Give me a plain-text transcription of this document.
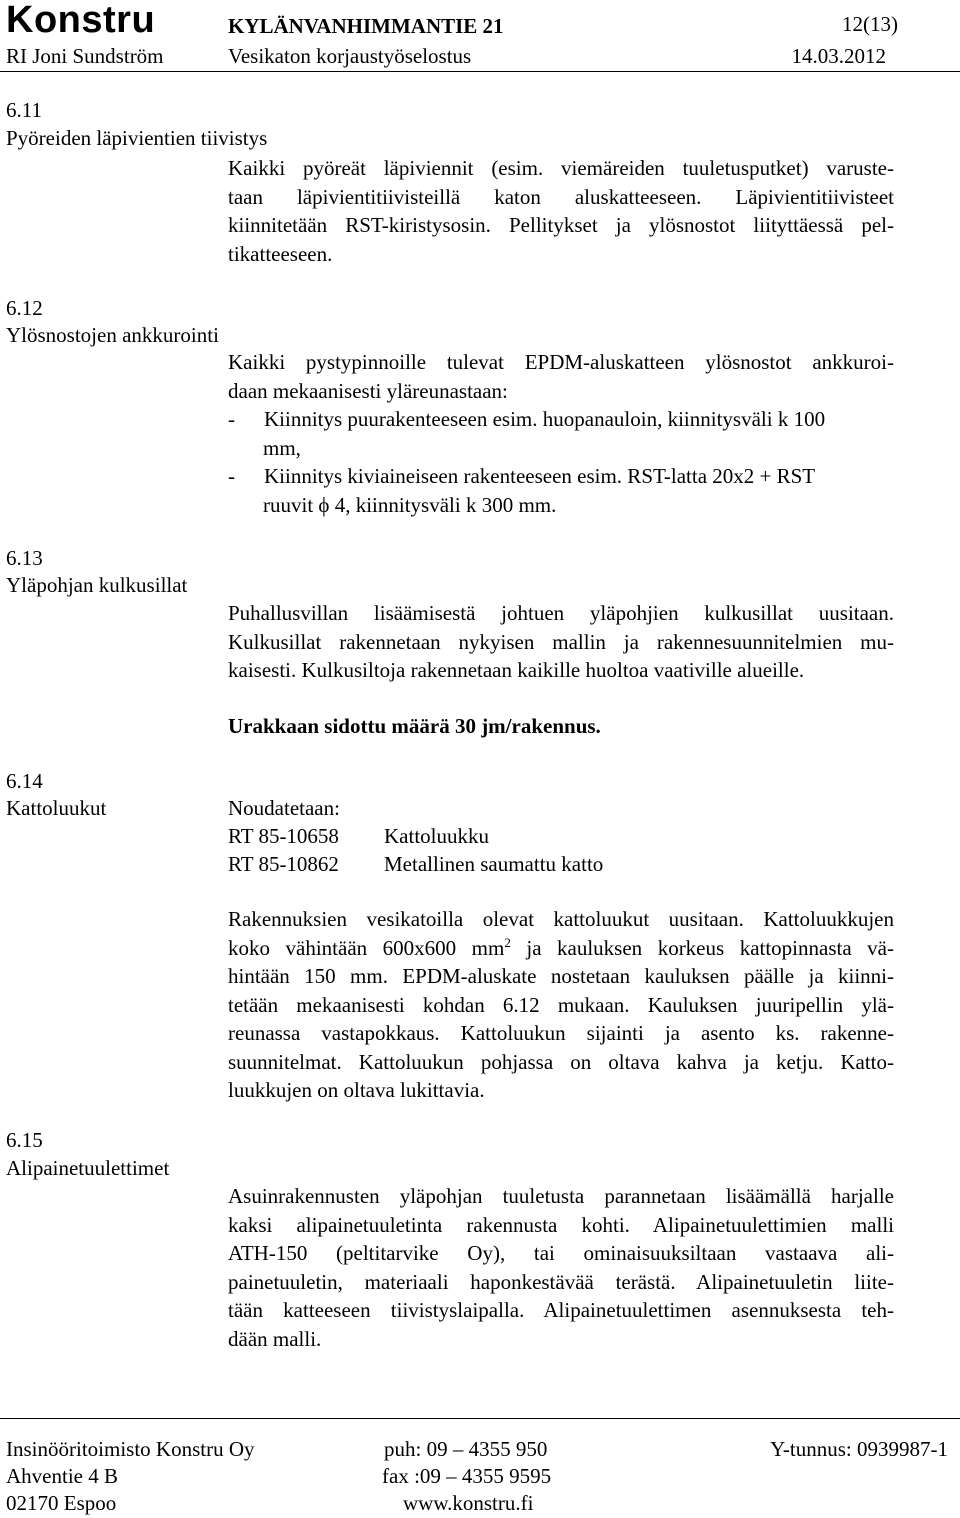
Konstru	KYLÄNVANHIMMANTIE 21	12(13)
RI Joni Sundström	Vesikaton korjaustyöselostus	14.03.2012
6.11
Pyöreiden läpivientien tiivistys
Kaikki pyöreät läpiviennit (esim. viemäreiden tuuletusputket) varuste-
taan läpivientitiivisteillä katon aluskatteeseen. Läpivientitiivisteet
kiinnitetään RST-kiristysosin. Pellitykset ja ylösnostot liityttäessä pel-
tikatteeseen.
6.12
Ylösnostojen ankkurointi
Kaikki pystypinnoille tulevat EPDM-aluskatteen ylösnostot ankkuroi-
daan mekaanisesti yläreunastaan:
- Kiinnitys puurakenteeseen esim. huopanauloin, kiinnitysväli k 100
mm,
- Kiinnitys kiviaineiseen rakenteeseen esim. RST-latta 20x2 + RST
ruuvit ϕ 4, kiinnitysväli k 300 mm.
6.13
Yläpohjan kulkusillat
Puhallusvillan lisäämisestä johtuen yläpohjien kulkusillat uusitaan.
Kulkusillat rakennetaan nykyisen mallin ja rakennesuunnitelmien mu-
kaisesti. Kulkusiltoja rakennetaan kaikille huoltoa vaativille alueille.
Urakkaan sidottu määrä 30 jm/rakennus.
6.14
Kattoluukut	Noudatetaan:
RT 85-10658 Kattoluukku
RT 85-10862 Metallinen saumattu katto
Rakennuksien vesikatoilla olevat kattoluukut uusitaan. Kattoluukkujen
koko vähintään 600x600 $mm^2$ ja kauluksen korkeus kattopinnasta vä-
hintään 150 mm. EPDM-aluskate nostetaan kauluksen päälle ja kiinni-
tetään mekaanisesti kohdan 6.12 mukaan. Kauluksen juuripellin ylä-
reunassa vastapokkaus. Kattoluukun sijainti ja asento ks. rakenne-
suunnitelmat. Kattoluukun pohjassa on oltava kahva ja ketju. Katto-
luukkujen on oltava lukittavia.
6.15
Alipainetuulettimet
Asuinrakennusten yläpohjan tuuletusta parannetaan lisäämällä harjalle
kaksi alipainetuuletinta rakennusta kohti. Alipainetuulettimien malli
ATH-150 (peltitarvike Oy), tai ominaisuuksiltaan vastaava ali-
painetuuletin, materiaali haponkestävää terästä. Alipainetuuletin liite-
tään katteeseen tiivistyslaipalla. Alipainetuulettimen asennuksesta teh-
dään malli.
Insinööritoimisto Konstru Oy
Ahventie 4 B
02170 Espoo
puh: 09 – 4355 950
fax :09 – 4355 9595
www.konstru.fi
Y-tunnus: 0939987-1
